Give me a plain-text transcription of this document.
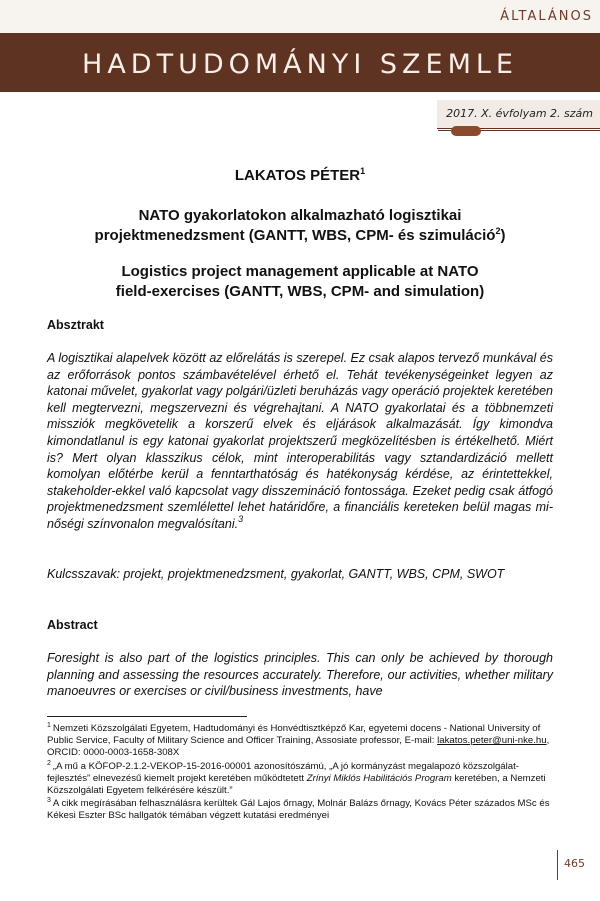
ÁLTALÁNOS
HADTUDOMÁNYI SZEMLE
2017. X. évfolyam 2. szám
LAKATOS PÉTER$^1$
NATO gyakorlatokon alkalmazható logisztikai
projektmenedzsment (GANTT, WBS, CPM- és szimuláció$^2$)
Logistics project management applicable at NATO
field-exercises (GANTT, WBS, CPM- and simulation)
Absztrakt

A logisztikai alapelvek között az előrelátás is szerepel. Ez csak alapos tervező munkával és az erőforrások pontos számbavételével érhető el. Tehát tevékenységeinket legyen az katonai művelet, gyakorlat vagy polgári/üzleti beruházás vagy operáció projektek keretében kell megtervezni, megszervezni és végrehajtani. A NATO gyakorlatai és a többnemzeti missziók megkövetelik a korszerű elvek és eljárások alkalmazását. Így kimondva kimondatlanul is egy katonai gyakorlat projektszerű megközelítésben is értékelhető. Miért is? Mert olyan klasszikus célok, mint interoperabilitás vagy sztandardizáció mellett komolyan előtérbe kerül a fenntarthatóság és hatékonyság kérdése, az érintettekkel, stakeholder-ekkel való kapcsolat vagy disszemináció fontossága. Ezeket pedig csak átfogó projektmenedzsment szemlélettel lehet határidőre, a financiális kereteken belül magas minőségi színvonalon megvalósítani.$^3$

Kulcsszavak: projekt, projektmenedzsment, gyakorlat, GANTT, WBS, CPM, SWOT

Abstract

Foresight is also part of the logistics principles. This can only be achieved by thorough planning and assessing the resources accurately. Therefore, our activities, whether military manoeuvres or exercises or civil/business investments, have

$^1$ Nemzeti Közszolgálati Egyetem, Hadtudományi és Honvédtisztképző Kar, egyetemi docens - National University of Public Service, Faculty of Military Science and Officer Training, Assosiate professor, E-mail: lakatos.peter@uni-nke.hu, ORCID: 0000-0003-1658-308X

$^2$ „A mű a KÖFOP-2.1.2-VEKOP-15-2016-00001 azonosítószámú, „A jó kormányzást megalapozó közszolgálat-fejlesztés” elnevezésű kiemelt projekt keretében működtetett Zrínyi Miklós Habilitációs Program keretében, a Nemzeti Közszolgálati Egyetem felkérésére készült.”

$^3$ A cikk megírásában felhasználásra kerültek Gál Lajos őrnagy, Molnár Balázs őrnagy, Kovács Péter százados MSc és Kékesi Eszter BSc hallgatók témában végzett kutatási eredményei

465
